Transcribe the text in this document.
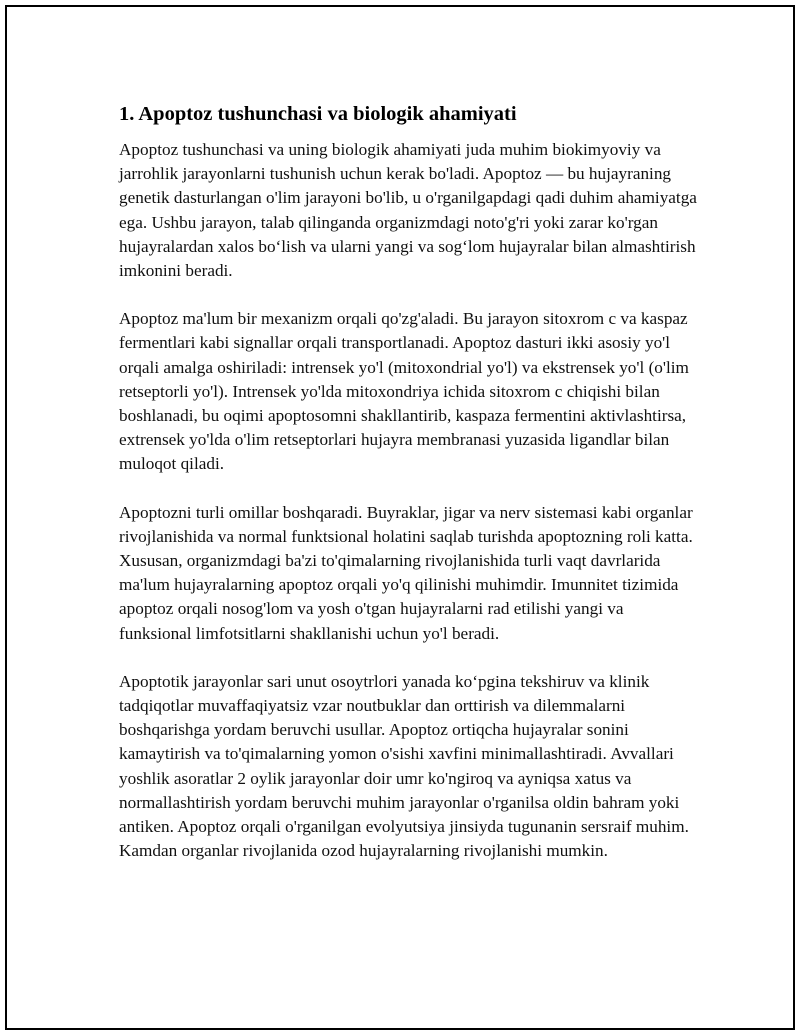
1. Apoptoz tushunchasi va biologik ahamiyati

Apoptoz tushunchasi va uning biologik ahamiyati juda muhim biokimyoviy va jarrohlik jarayonlarni tushunish uchun kerak bo'ladi. Apoptoz — bu hujayraning genetik dasturlangan o'lim jarayoni bo'lib, u o'rganilgapdagi qadi duhim ahamiyatga ega. Ushbu jarayon, talab qilinganda organizmdagi noto'g'ri yoki zarar ko'rgan hujayralardan xalos bo‘lish va ularni yangi va sog‘lom hujayralar bilan almashtirish imkonini beradi.

Apoptoz ma'lum bir mexanizm orqali qo'zg'aladi. Bu jarayon sitoxrom c va kaspaz fermentlari kabi signallar orqali transportlanadi. Apoptoz dasturi ikki asosiy yo'l orqali amalga oshiriladi: intrensek yo'l (mitoxondrial yo'l) va ekstrensek yo'l (o'lim retseptorli yo'l). Intrensek yo'lda mitoxondriya ichida sitoxrom c chiqishi bilan boshlanadi, bu oqimi apoptosomni shakllantirib, kaspaza fermentini aktivlashtirsa, extrensek yo'lda o'lim retseptorlari hujayra membranasi yuzasida ligandlar bilan muloqot qiladi.

Apoptozni turli omillar boshqaradi. Buyraklar, jigar va nerv sistemasi kabi organlar rivojlanishida va normal funktsional holatini saqlab turishda apoptozning roli katta. Xususan, organizmdagi ba'zi to'qimalarning rivojlanishida turli vaqt davrlarida ma'lum hujayralarning apoptoz orqali yo'q qilinishi muhimdir. Imunnitet tizimida apoptoz orqali nosog'lom va yosh o'tgan hujayralarni rad etilishi yangi va funksional limfotsitlarni shakllanishi uchun yo'l beradi.

Apoptotik jarayonlar sari unut osoytrlori yanada ko‘pgina tekshiruv va klinik tadqiqotlar muvaffaqiyatsiz vzar noutbuklar dan orttirish va dilemmalarni boshqarishga yordam beruvchi usullar. Apoptoz ortiqcha hujayralar sonini kamaytirish va to'qimalarning yomon o'sishi xavfini minimallashtiradi. Avvallari yoshlik asoratlar 2 oylik jarayonlar doir umr ko'ngiroq va ayniqsa xatus va normallashtirish yordam beruvchi muhim jarayonlar o'rganilsa oldin bahram yoki antiken. Apoptoz orqali o'rganilgan evolyutsiya jinsiyda tugunanin sersraif muhim. Kamdan organlar rivojlanida ozod hujayralarning rivojlanishi mumkin.
